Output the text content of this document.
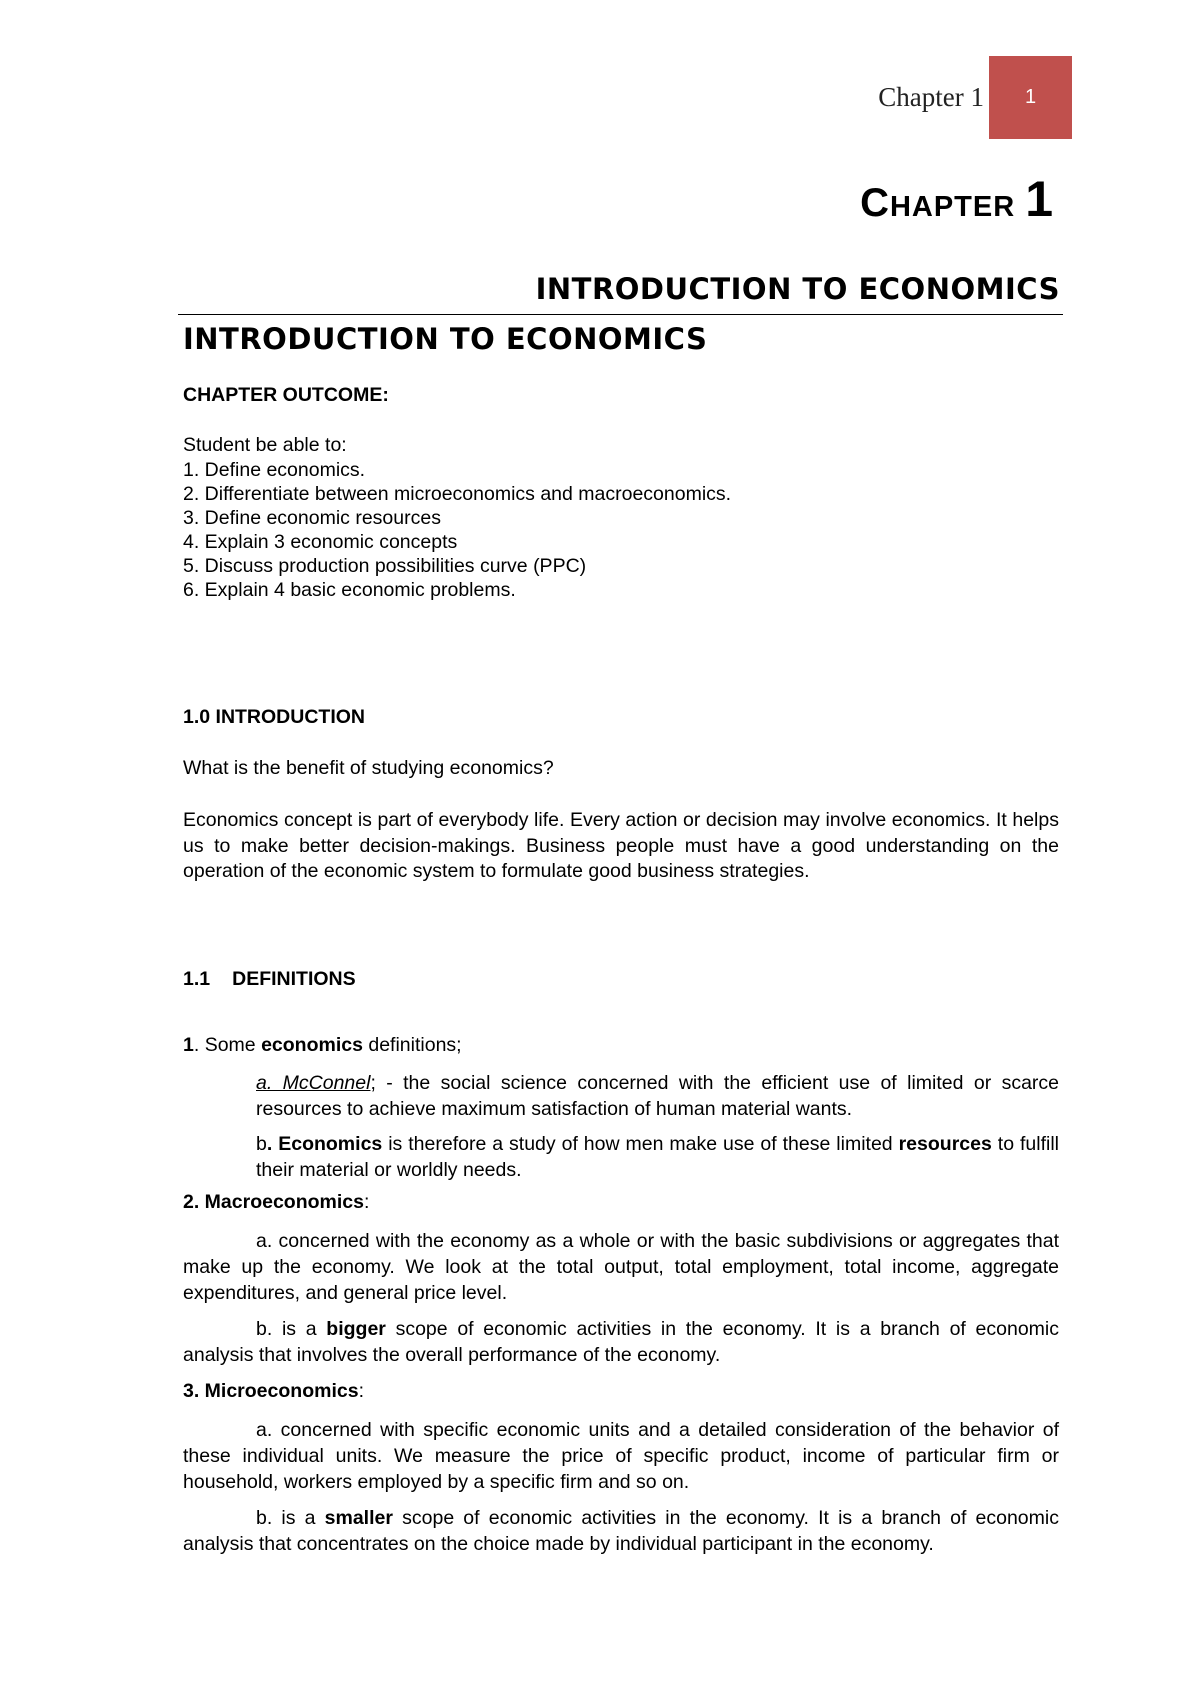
Chapter 1 1
CHAPTER 1
INTRODUCTION TO ECONOMICS
INTRODUCTION TO ECONOMICS
CHAPTER OUTCOME:
Student be able to:
1. Define economics.
2. Differentiate between microeconomics and macroeconomics.
3. Define economic resources
4. Explain 3 economic concepts
5. Discuss production possibilities curve (PPC)
6. Explain 4 basic economic problems.
1.0 INTRODUCTION
What is the benefit of studying economics?
Economics concept is part of everybody life. Every action or decision may involve economics. It helps us to make better decision-makings. Business people must have a good understanding on the operation of the economic system to formulate good business strategies.
1.1 DEFINITIONS
1. Some economics definitions;
a. McConnel; - the social science concerned with the efficient use of limited or scarce resources to achieve maximum satisfaction of human material wants.
b. Economics is therefore a study of how men make use of these limited resources to fulfill their material or worldly needs.
2. Macroeconomics:
a. concerned with the economy as a whole or with the basic subdivisions or aggregates that make up the economy. We look at the total output, total employment, total income, aggregate expenditures, and general price level.
b. is a bigger scope of economic activities in the economy. It is a branch of economic analysis that involves the overall performance of the economy.
3. Microeconomics:
a. concerned with specific economic units and a detailed consideration of the behavior of these individual units. We measure the price of specific product, income of particular firm or household, workers employed by a specific firm and so on.
b. is a smaller scope of economic activities in the economy. It is a branch of economic analysis that concentrates on the choice made by individual participant in the economy.
